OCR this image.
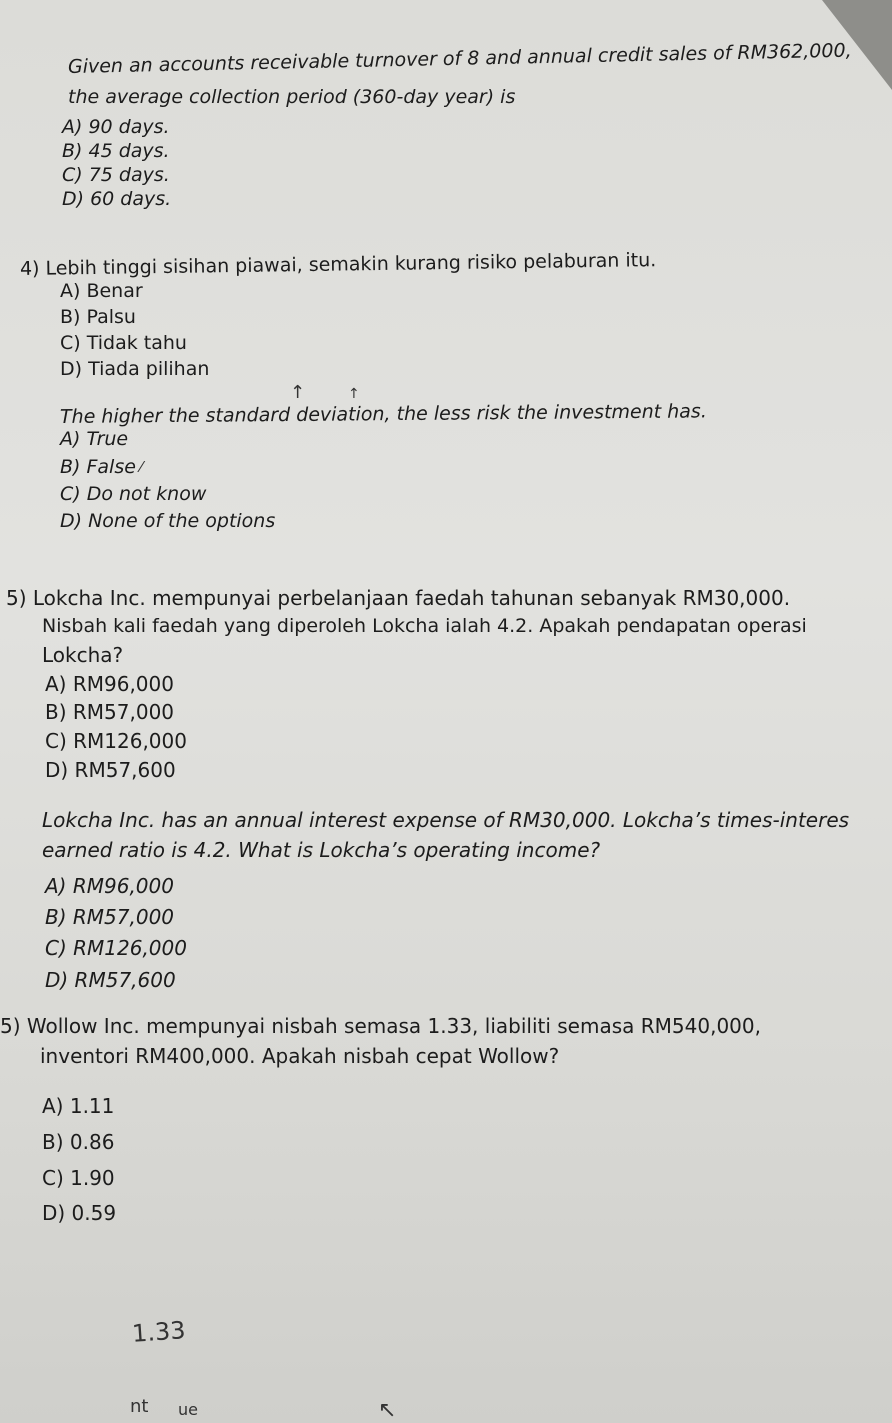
Given an accounts receivable turnover of 8 and annual credit sales of RM362,000,
the average collection period (360-day year) is
A) 90 days.
B) 45 days.
C) 75 days.
D) 60 days.
4) Lebih tinggi sisihan piawai, semakin kurang risiko pelaburan itu.
A) Benar
B) Palsu
C) Tidak tahu
D) Tiada pilihan
↑	↑
The higher the standard deviation, the less risk the investment has.
A) True
B) False ⁄
C) Do not know
D) None of the options
5) Lokcha Inc. mempunyai perbelanjaan faedah tahunan sebanyak RM30,000.
Nisbah kali faedah yang diperoleh Lokcha ialah 4.2. Apakah pendapatan operasi
Lokcha?
A) RM96,000
B) RM57,000
C) RM126,000
D) RM57,600
Lokcha Inc. has an annual interest expense of RM30,000. Lokcha’s times-interes
earned ratio is 4.2. What is Lokcha’s operating income?
A) RM96,000
B) RM57,000
C) RM126,000
D) RM57,600
5) Wollow Inc. mempunyai nisbah semasa 1.33, liabiliti semasa RM540,000,
inventori RM400,000. Apakah nisbah cepat Wollow?
A) 1.11
B) 0.86
C) 1.90
D) 0.59
1.33
nt ue	↖
